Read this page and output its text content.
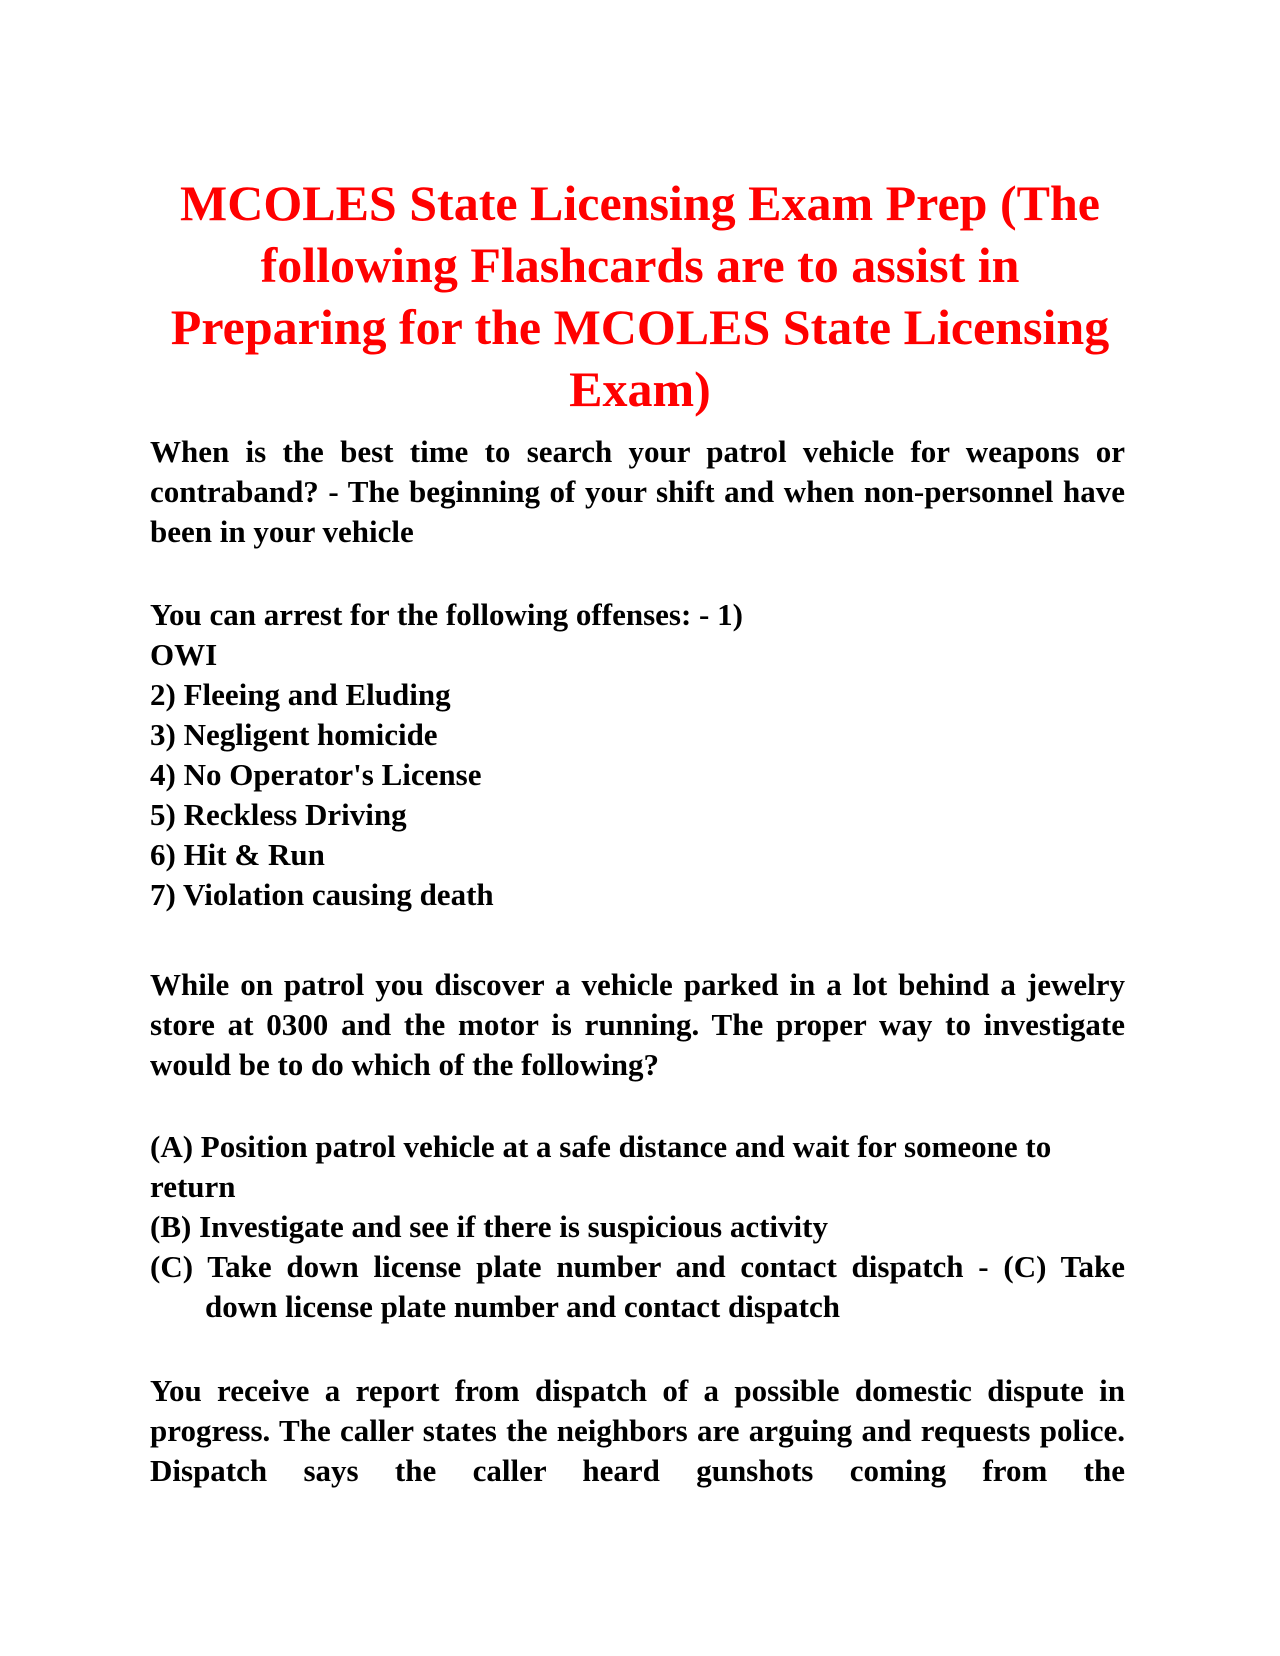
MCOLES State Licensing Exam Prep (The following Flashcards are to assist in Preparing for the MCOLES State Licensing Exam)

When is the best time to search your patrol vehicle for weapons or contraband? - The beginning of your shift and when non-personnel have been in your vehicle

You can arrest for the following offenses: - 1)
OWI
2) Fleeing and Eluding
3) Negligent homicide
4) No Operator's License
5) Reckless Driving
6) Hit & Run
7) Violation causing death

While on patrol you discover a vehicle parked in a lot behind a jewelry store at 0300 and the motor is running. The proper way to investigate would be to do which of the following?

(A) Position patrol vehicle at a safe distance and wait for someone to return
(B) Investigate and see if there is suspicious activity
(C) Take down license plate number and contact dispatch - (C) Take down license plate number and contact dispatch

You receive a report from dispatch of a possible domestic dispute in progress. The caller states the neighbors are arguing and requests police. Dispatch says the caller heard gunshots coming from the
